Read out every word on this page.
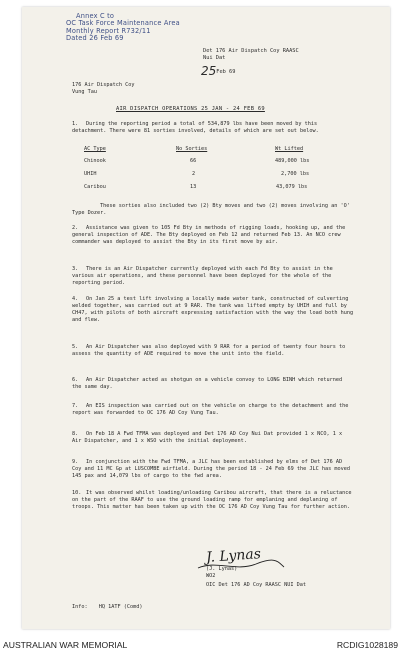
Annex C to
OC Task Force Maintenance Area
Monthly Report R732/11
Dated 26 Feb 69
Det 176 Air Dispatch Coy RAASC
Nui Dat
25Feb 69
176 Air Dispatch Coy
Vung Tau
AIR DISPATCH OPERATIONS 25 JAN - 24 FEB 69
1.	During the reporting period a total of 534,879 lbs have been moved by this detachment. There were 81 sorties involved, details of which are set out below.
AC Type	No Sorties	Wt Lifted
Chinook	66	489,000 lbs
UHIH	2	2,700 lbs
Caribou	13	43,079 lbs
These sorties also included two (2) Bty moves and two (2) moves involving an 'O' Type Dozer.
2.	Assistance was given to 105 Fd Bty in methods of rigging loads, hooking up, and the general inspection of ADE. The Bty deployed on Feb 12 and returned Feb 13. An NCO crew commander was deployed to assist the Bty in its first move by air.
3.	There is an Air Dispatcher currently deployed with each Fd Bty to assist in the various air operations, and these personnel have been deployed for the whole of the reporting period.
4.	On Jan 25 a test lift involving a locally made water tank, constructed of culverting welded together, was carried out at 9 RAR. The tank was lifted empty by UHIH and full by CH47, with pilots of both aircraft expressing satisfaction with the way the load both hung and flew.
5.	An Air Dispatcher was also deployed with 9 RAR for a period of twenty four hours to assess the quantity of ADE required to move the unit into the field.
6.	An Air Dispatcher acted as shotgun on a vehicle convoy to LONG BINH which returned the same day.
7.	An EIS inspection was carried out on the vehicle on charge to the detachment and the report was forwarded to OC 176 AD Coy Vung Tau.
8.	On Feb 18 A Fwd TFMA was deployed and Det 176 AD Coy Nui Dat provided 1 x NCO, 1 x Air Dispatcher, and 1 x WSO with the initial deployment.
9.	In conjunction with the Fwd TFMA, a JLC has been established by elms of Det 176 AD Coy and 11 MC Gp at LUSCOMBE airfield. During the period 18 - 24 Feb 69 the JLC has moved 145 pax and 14,079 lbs of cargo to the fwd area.
10. It was observed whilst loading/unloading Caribou aircraft, that there is a reluctance on the part of the RAAF to use the ground loading ramp for emplaning and deplaning of troops. This matter has been taken up with the OC 176 AD Coy Vung Tau for further action.
J. Lynas
(J. Lynas)
WO2
OIC Det 176 AD Coy RAASC NUI Dat
Info: HQ 1ATF (Comd)
AUSTRALIAN WAR MEMORIAL	RCDIG1028189
